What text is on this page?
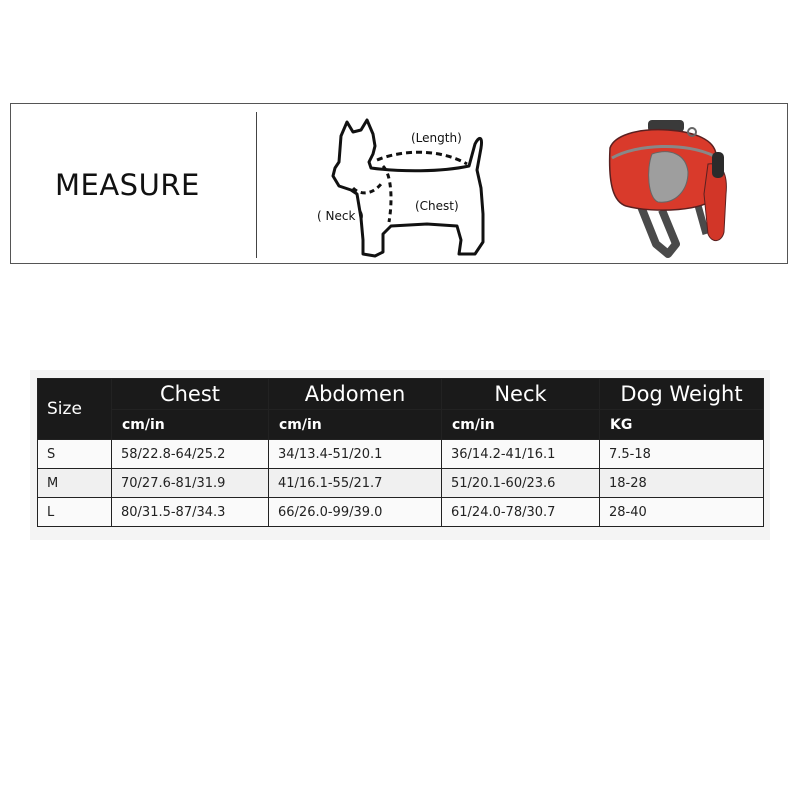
MEASURE
(Length)
( Neck )
(Chest)
Size	Chest	Abdomen	Neck	Dog Weight
	cm/in	cm/in	cm/in	KG
S	58/22.8-64/25.2	34/13.4-51/20.1	36/14.2-41/16.1	7.5-18
M	70/27.6-81/31.9	41/16.1-55/21.7	51/20.1-60/23.6	18-28
L	80/31.5-87/34.3	66/26.0-99/39.0	61/24.0-78/30.7	28-40
